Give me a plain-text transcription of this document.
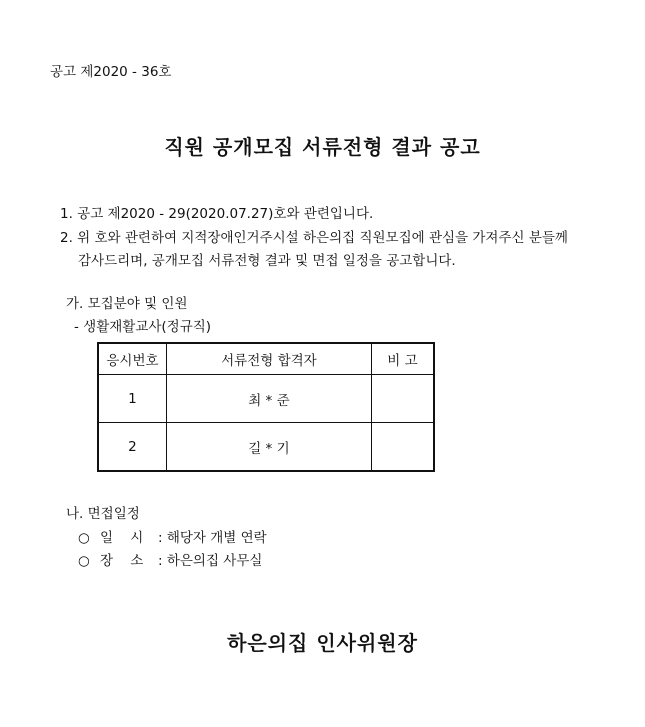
공고 제2020 - 36호
직원 공개모집 서류전형 결과 공고
1. 공고 제2020 - 29(2020.07.27)호와 관련입니다.
2. 위 호와 관련하여 지적장애인거주시설 하은의집 직원모집에 관심을 가져주신 분들께
감사드리며, 공개모집 서류전형 결과 및 면접 일정을 공고합니다.
가. 모집분야 및 인원
- 생활재활교사(정규직)
응시번호	서류전형 합격자	비 고
1	최 * 준	
2	길 * 기	
나. 면접일정
○ 일    시 : 해당자 개별 연락
○ 장    소 : 하은의집 사무실
하은의집 인사위원장
